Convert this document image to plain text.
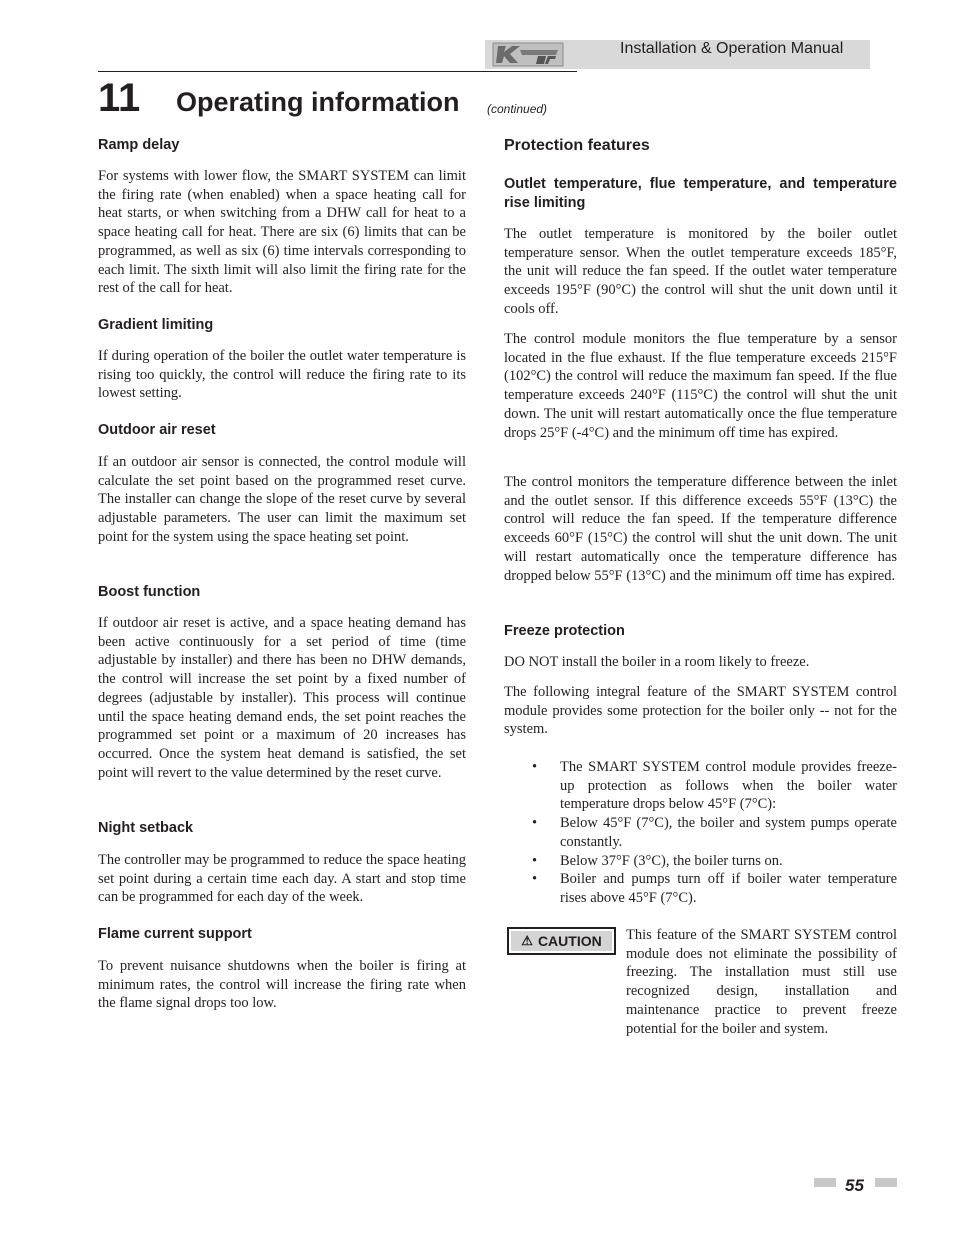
Installation & Operation Manual
11 Operating information (continued)
Ramp delay

For systems with lower flow, the SMART SYSTEM can limit the firing rate (when enabled) when a space heating call for heat starts, or when switching from a DHW call for heat to a space heating call for heat. There are six (6) limits that can be programmed, as well as six (6) time intervals corresponding to each limit. The sixth limit will also limit the firing rate for the rest of the call for heat.

Gradient limiting

If during operation of the boiler the outlet water temperature is rising too quickly, the control will reduce the firing rate to its lowest setting.

Outdoor air reset

If an outdoor air sensor is connected, the control module will calculate the set point based on the programmed reset curve. The installer can change the slope of the reset curve by several adjustable parameters. The user can limit the maximum set point for the system using the space heating set point.

Boost function

If outdoor air reset is active, and a space heating demand has been active continuously for a set period of time (time adjustable by installer) and there has been no DHW demands, the control will increase the set point by a fixed number of degrees (adjustable by installer). This process will continue until the space heating demand ends, the set point reaches the programmed set point or a maximum of 20 increases has occurred. Once the system heat demand is satisfied, the set point will revert to the value determined by the reset curve.

Night setback

The controller may be programmed to reduce the space heating set point during a certain time each day. A start and stop time can be programmed for each day of the week.

Flame current support

To prevent nuisance shutdowns when the boiler is firing at minimum rates, the control will increase the firing rate when the flame signal drops too low.

Protection features
Outlet temperature, flue temperature, and temperature rise limiting

The outlet temperature is monitored by the boiler outlet temperature sensor. When the outlet temperature exceeds 185°F, the unit will reduce the fan speed. If the outlet water temperature exceeds 195°F (90°C) the control will shut the unit down until it cools off.

The control module monitors the flue temperature by a sensor located in the flue exhaust. If the flue temperature exceeds 215°F (102°C) the control will reduce the maximum fan speed. If the flue temperature exceeds 240°F (115°C) the control will shut the unit down. The unit will restart automatically once the flue temperature drops 25°F (-4°C) and the minimum off time has expired.

The control monitors the temperature difference between the inlet and the outlet sensor. If this difference exceeds 55°F (13°C) the control will reduce the fan speed. If the temperature difference exceeds 60°F (15°C) the control will shut the unit down. The unit will restart automatically once the temperature difference has dropped below 55°F (13°C) and the minimum off time has expired.

Freeze protection

DO NOT install the boiler in a room likely to freeze.

The following integral feature of the SMART SYSTEM control module provides some protection for the boiler only -- not for the system.

• The SMART SYSTEM control module provides freeze-up protection as follows when the boiler water temperature drops below 45°F (7°C):
• Below 45°F (7°C), the boiler and system pumps operate constantly.
• Below 37°F (3°C), the boiler turns on.
• Boiler and pumps turn off if boiler water temperature rises above 45°F (7°C).

This feature of the SMART SYSTEM control module does not eliminate the possibility of freezing. The installation must still use recognized design, installation and maintenance practice to prevent freeze potential for the boiler and system.

⚠ CAUTION
55
